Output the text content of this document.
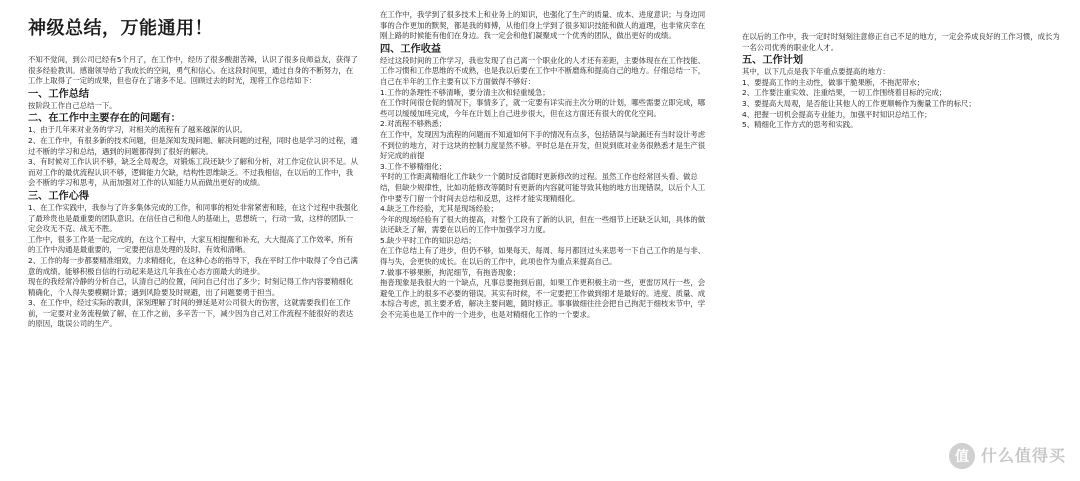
神级总结，万能通用！
不知不觉间，到公司已经有5个月了，在工作中，经历了很多酸甜苦辣，认识了很多良师益友，获得了很多经验教训。感谢领导给了我成长的空间，勇气和信心。在这段时间里，通过自身的不断努力，在工作上取得了一定的成果，但也存在了诸多不足。回顾过去的时光，现将工作总结如下：
一、工作总结
按阶段工作自己总结一下。
二、在工作中主要存在的问题有：
1、由于几年来对业务的学习，对相关的流程有了越来越深的认识。
2、在工作中，有很多新的技术问题，但是深知发现问题、解决问题的过程，同时也是学习的过程，通过不断的学习和总结，遇到的问题都得到了很好的解决。
3、有时候对工作认识不够，缺乏全局观念，对锻炼工段还缺少了解和分析，对工作定位认识不足。从而对工作的最优流程认识不够，逻辑能力欠缺，结构性思维缺乏。不过我相信，在以后的工作中，我会不断的学习和思考，从而加强对工作的认知能力从而做出更好的成绩。
三、工作心得
1、在工作实践中，我参与了许多集体完成的工作，和同事的相处非常紧密和睦，在这个过程中我强化了最珍贵也是最重要的团队意识。在信任自己和他人的基础上，思想统一，行动一致，这样的团队一定会攻无不克、战无不胜。
工作中，很多工作是一起完成的，在这个工程中，大家互相提醒和补充，大大提高了工作效率，所有的工作中沟通是最重要的，一定要把信息处理的及时、有效和清晰。
2、工作的每一步都要精准细致，力求精细化，在这种心态的指导下，我在平时工作中取得了令自己满意的成绩。能够积极自信的行动起来是这几年我在心态方面最大的进步。
现在的我经常冷静的分析自己，认清自己的位置，问问自己付出了多少；时刻记得工作内容要精细化精确化，个人得失要模糊计算；遇到风险要及时规避，出了问题要勇于担当。
3、在工作中，经过实际的教训，深刻理解了时间的弹延是对公司很大的伤害，这就需要我们在工作前，一定要对业务流程做了解，在工作之前，多辛苦一下，减少因为自己对工作流程不能很好的表达的原因，耽误公司的生产。
在工作中，我学到了很多技术上和业务上的知识，也强化了生产的质量、成本、进度意识；与身边同事的合作更加的默契，都是我的师傅，从他们身上学到了很多知识技能和做人的道理，也非常庆幸在刚上路的时候能有他们在身边。我一定会和他们凝聚成一个优秀的团队，做出更好的成绩。
四、工作收益
经过这段时间的工作学习，我也发现了自己离一个职业化的人才还有差距，主要体现在在工作技能、工作习惯和工作思维的不成熟，也是我以后要在工作中不断磨炼和提高自己的地方。仔细总结一下，自己在半年的工作主要有以下方面做得不够好：
1.工作的条理性不够清晰，要分清主次和轻重缓急；
在工作时间很仓促的情况下，事情多了，就一定要有详实而主次分明的计划，哪些需要立即完成，哪些可以缓缓加班完成，今年在计划上自己进步很大，但在这方面还有很大的优化空间。
2.对流程不够熟悉；
在工作中，发现因为流程的问题而不知道如何下手的情况有点多，包括错误与缺漏还有当时设计考虑不到位的地方，对于这块的控制力度显然不够。平时总是在开发，但说到底对业务很熟悉才是生产很好完成的前提
3.工作不够精细化；
平时的工作距离精细化工作缺少一个随时反省随时更新修改的过程。虽然工作也经常回头看、做总结，但缺少规律性，比如功能修改等随时有更新的内容就可能导致其他的地方出现错误，以后个人工作中要专门留一个时间去总结和反思，这样才能实现精细化。
4.缺乏工作经验，尤其是现场经验；
今年的现场经验有了很大的提高，对整个工段有了新的认识，但在一些细节上还缺乏认知，具体的做法还缺乏了解，需要在以后的工作中加强学习力度。
5.缺少平时工作的知识总结；
在工作总结上有了进步，但仍不够，如果每天、每周、每月都回过头来思考一下自己工作的是与非、得与失，会更快的成长。在以后的工作中，此项也作为重点来提高自己。
7.做事不够果断，拘泥细节，有拖沓现象；
拖沓现象是我很大的一个缺点，凡事总要拖到后面，如果工作更积极主动一些，更雷厉风行一些，会避免工作上的很多不必要的错误。其实有时候，不一定要把工作做到细才是最好的。进度、质量、成本综合考虑，抓主要矛盾，解决主要问题，随时修正。事事做细往往会把自己拘泥于细枝末节中，学会不完美也是工作中的一个进步，也是对精细化工作的一个要求。
在以后的工作中，我一定时时刻刻注意修正自己不足的地方，一定会养成良好的工作习惯，成长为一名公司优秀的职业化人才。
五、工作计划
其中，以下几点是我下年重点要提高的地方：
1、要提高工作的主动性，做事干脆果断，不拖泥带水；
2、工作要注重实效、注重结果，一切工作围绕着目标的完成；
3、要提高大局观，是否能让其他人的工作更顺畅作为衡量工作的标尺；
4、把握一切机会提高专业能力，加强平时知识总结工作；
5、精细化工作方式的思考和实践。
值 什么值得买
